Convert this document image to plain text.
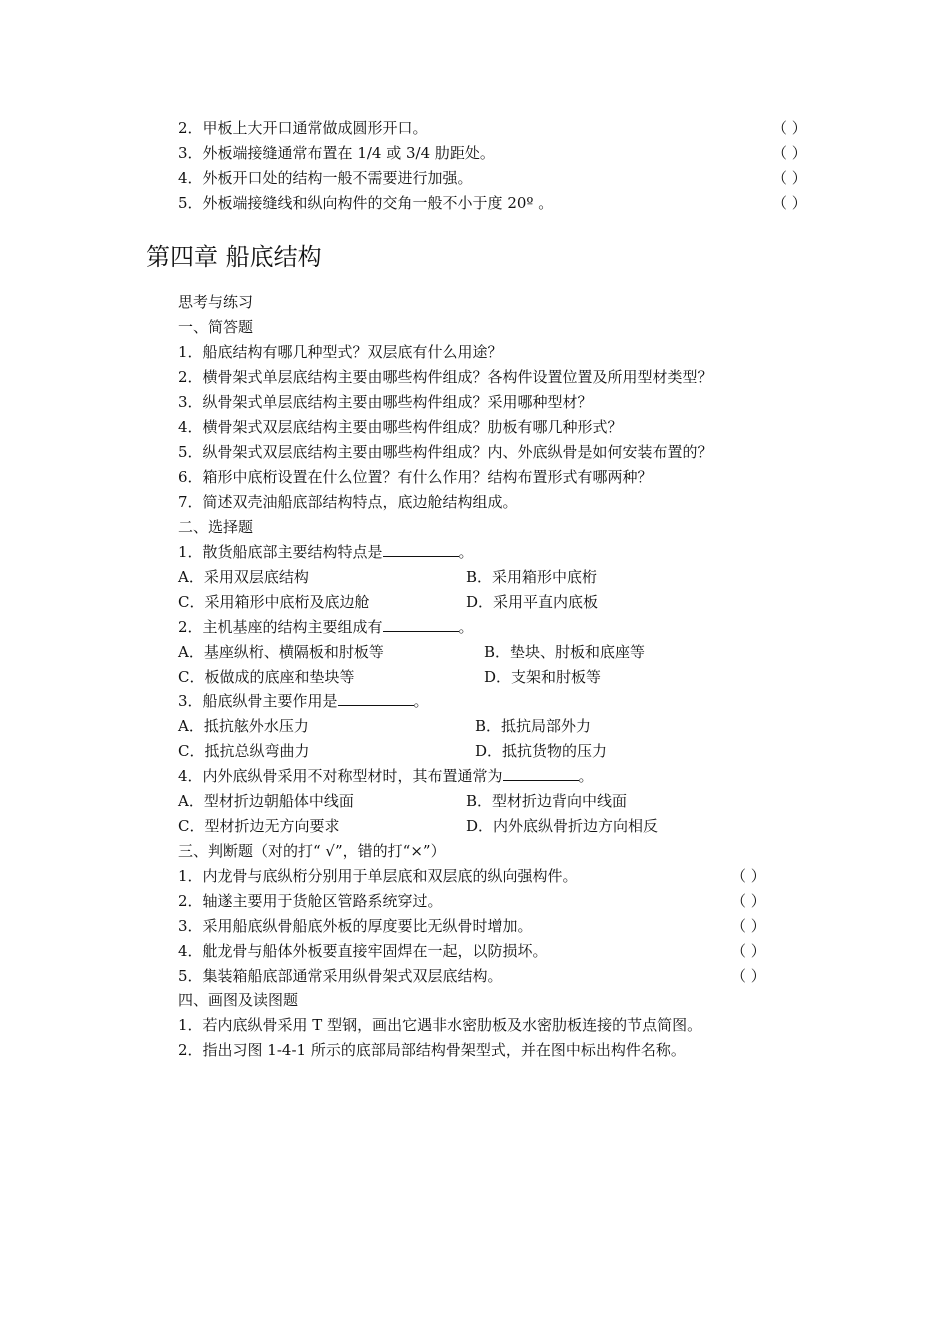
2．甲板上大开口通常做成圆形开口。	（ ）
3．外板端接缝通常布置在 1/4 或 3/4 肋距处。	（ ）
4．外板开口处的结构一般不需要进行加强。	（ ）
5．外板端接缝线和纵向构件的交角一般不小于度 20º 。	（ ）
第四章 船底结构
思考与练习
一、简答题
1．船底结构有哪几种型式？双层底有什么用途？
2．横骨架式单层底结构主要由哪些构件组成？各构件设置位置及所用型材类型？
3．纵骨架式单层底结构主要由哪些构件组成？采用哪种型材？
4．横骨架式双层底结构主要由哪些构件组成？肋板有哪几种形式？
5．纵骨架式双层底结构主要由哪些构件组成？内、外底纵骨是如何安装布置的？
6．箱形中底桁设置在什么位置？有什么作用？结构布置形式有哪两种？
7．简述双壳油船底部结构特点，底边舱结构组成。
二、选择题
1．散货船底部主要结构特点是	。
A．采用双层底结构	B．采用箱形中底桁
C．采用箱形中底桁及底边舱	D．采用平直内底板
2．主机基座的结构主要组成有	。
A．基座纵桁、横隔板和肘板等	B．垫块、肘板和底座等
C．板做成的底座和垫块等	D．支架和肘板等
3．船底纵骨主要作用是	。
A．抵抗舷外水压力	B．抵抗局部外力
C．抵抗总纵弯曲力	D．抵抗货物的压力
4．内外底纵骨采用不对称型材时，其布置通常为	。
A．型材折边朝船体中线面	B．型材折边背向中线面
C．型材折边无方向要求	D．内外底纵骨折边方向相反
三、判断题（对的打“ √”，错的打“×”）
1．内龙骨与底纵桁分别用于单层底和双层底的纵向强构件。	（ ）
2．轴遂主要用于货舱区管路系统穿过。	（ ）
3．采用船底纵骨船底外板的厚度要比无纵骨时增加。	（ ）
4．舭龙骨与船体外板要直接牢固焊在一起，以防损坏。	（ ）
5．集装箱船底部通常采用纵骨架式双层底结构。	（ ）
四、画图及读图题
1．若内底纵骨采用 T 型钢，画出它遇非水密肋板及水密肋板连接的节点简图。
2．指出习图 1-4-1 所示的底部局部结构骨架型式，并在图中标出构件名称。
